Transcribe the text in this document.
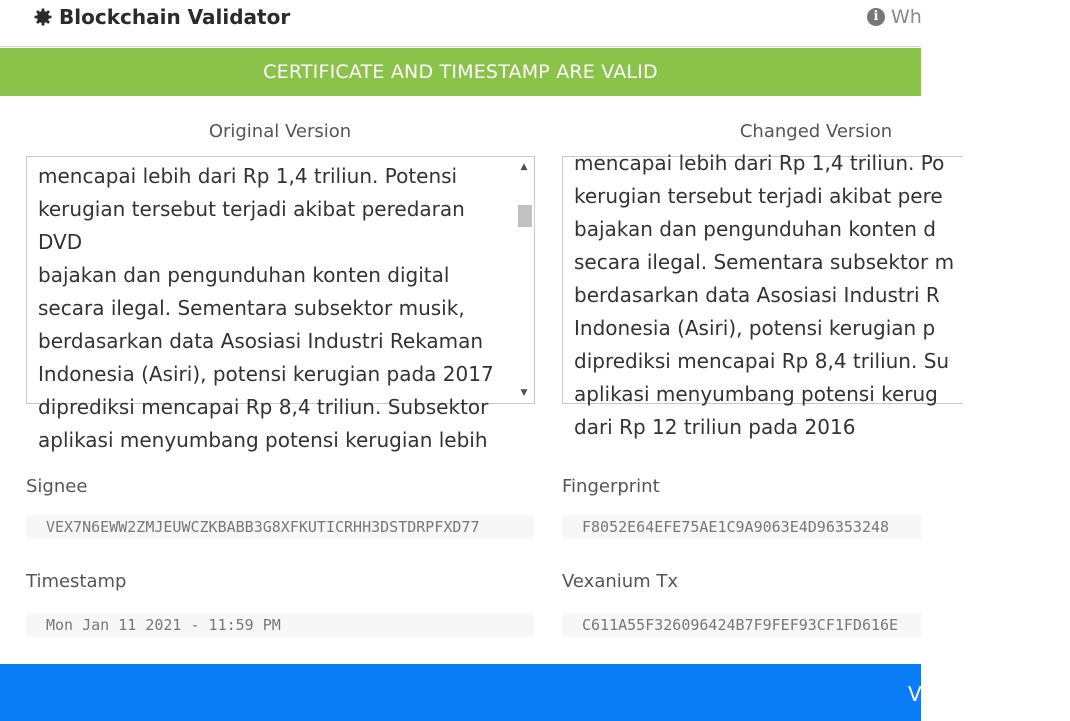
Blockchain Validator	i Wh
CERTIFICATE AND TIMESTAMP ARE VALID
Original Version
mencapai lebih dari Rp 1,4 triliun. Potensi
kerugian tersebut terjadi akibat peredaran DVD
bajakan dan pengunduhan konten digital
secara ilegal. Sementara subsektor musik,
berdasarkan data Asosiasi Industri Rekaman
Indonesia (Asiri), potensi kerugian pada 2017
diprediksi mencapai Rp 8,4 triliun. Subsektor
aplikasi menyumbang potensi kerugian lebih
▲
▼
Changed Version
mencapai lebih dari Rp 1,4 triliun. Po
kerugian tersebut terjadi akibat pere
bajakan dan pengunduhan konten d
secara ilegal. Sementara subsektor m
berdasarkan data Asosiasi Industri R
Indonesia (Asiri), potensi kerugian p
diprediksi mencapai Rp 8,4 triliun. Su
aplikasi menyumbang potensi kerug
dari Rp 12 triliun pada 2016
Signee
VEX7N6EWW2ZMJEUWCZKBABB3G8XFKUTICRHH3DSTDRPFXD77
Fingerprint
F8052E64EFE75AE1C9A9063E4D96353248
Timestamp
Mon Jan 11 2021 - 11:59 PM
Vexanium Tx
C611A55F326096424B7F9FEF93CF1FD616E
V
